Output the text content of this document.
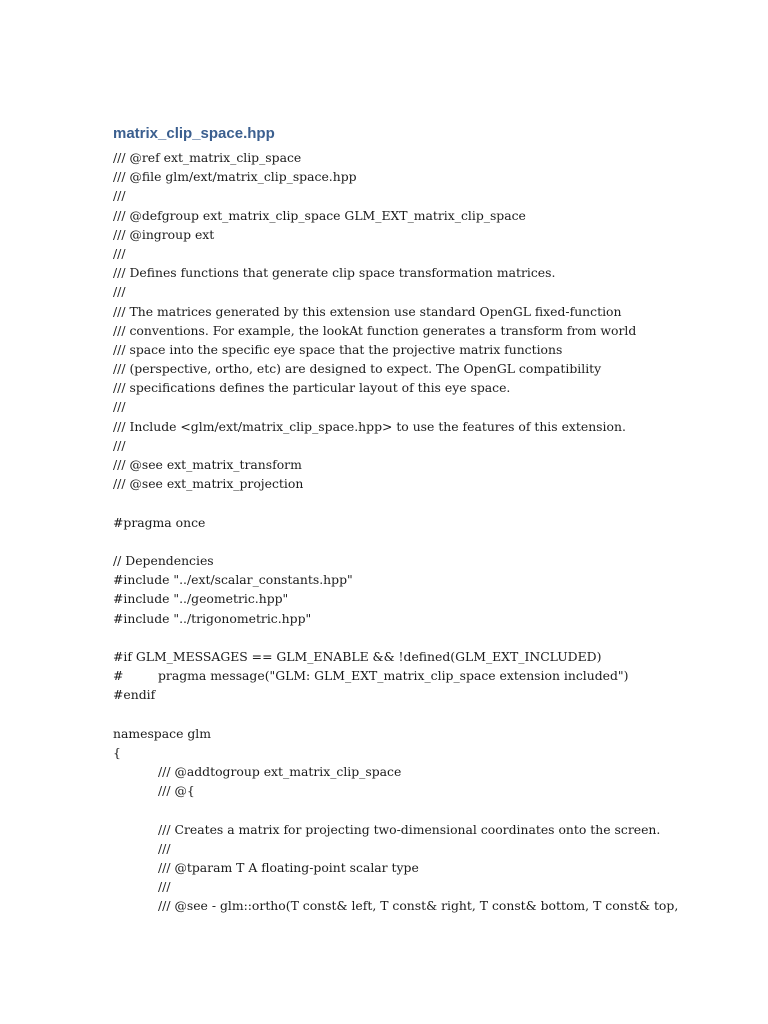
matrix_clip_space.hpp
/// @ref ext_matrix_clip_space
/// @file glm/ext/matrix_clip_space.hpp
///
/// @defgroup ext_matrix_clip_space GLM_EXT_matrix_clip_space
/// @ingroup ext
///
/// Defines functions that generate clip space transformation matrices.
///
/// The matrices generated by this extension use standard OpenGL fixed-function
/// conventions. For example, the lookAt function generates a transform from world
/// space into the specific eye space that the projective matrix functions
/// (perspective, ortho, etc) are designed to expect. The OpenGL compatibility
/// specifications defines the particular layout of this eye space.
///
/// Include <glm/ext/matrix_clip_space.hpp> to use the features of this extension.
///
/// @see ext_matrix_transform
/// @see ext_matrix_projection
#pragma once
// Dependencies
#include "../ext/scalar_constants.hpp"
#include "../geometric.hpp"
#include "../trigonometric.hpp"
#if GLM_MESSAGES == GLM_ENABLE && !defined(GLM_EXT_INCLUDED)
#	pragma message("GLM: GLM_EXT_matrix_clip_space extension included")
#endif
namespace glm
{
/// @addtogroup ext_matrix_clip_space
/// @{
/// Creates a matrix for projecting two-dimensional coordinates onto the screen.
///
/// @tparam T A floating-point scalar type
///
/// @see - glm::ortho(T const& left, T const& right, T const& bottom, T const& top,
